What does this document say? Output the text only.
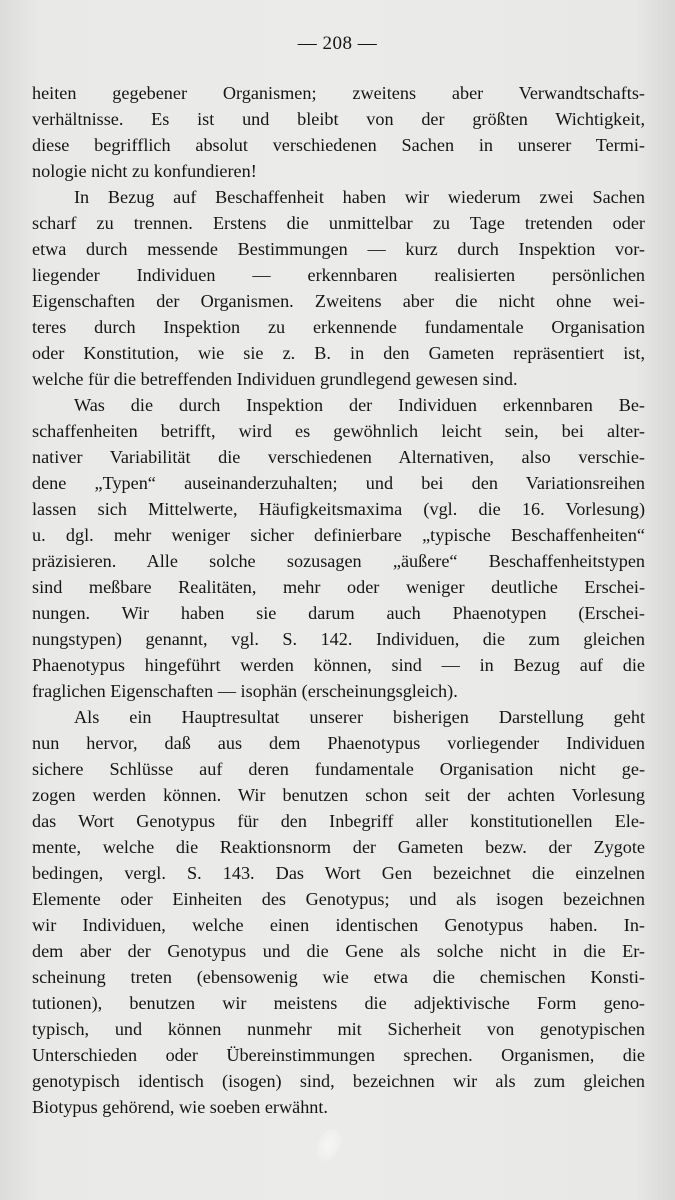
— 208 —
heiten gegebener Organismen; zweitens aber Verwandtschafts-
verhältnisse. Es ist und bleibt von der größten Wichtigkeit,
diese begrifflich absolut verschiedenen Sachen in unserer Termi-
nologie nicht zu konfundieren!
In Bezug auf Beschaffenheit haben wir wiederum zwei Sachen
scharf zu trennen. Erstens die unmittelbar zu Tage tretenden oder
etwa durch messende Bestimmungen — kurz durch Inspektion vor-
liegender Individuen — erkennbaren realisierten persönlichen
Eigenschaften der Organismen. Zweitens aber die nicht ohne wei-
teres durch Inspektion zu erkennende fundamentale Organisation
oder Konstitution, wie sie z. B. in den Gameten repräsentiert ist,
welche für die betreffenden Individuen grundlegend gewesen sind.
Was die durch Inspektion der Individuen erkennbaren Be-
schaffenheiten betrifft, wird es gewöhnlich leicht sein, bei alter-
nativer Variabilität die verschiedenen Alternativen, also verschie-
dene „Typen“ auseinanderzuhalten; und bei den Variationsreihen
lassen sich Mittelwerte, Häufigkeitsmaxima (vgl. die 16. Vorlesung)
u. dgl. mehr weniger sicher definierbare „typische Beschaffenheiten“
präzisieren. Alle solche sozusagen „äußere“ Beschaffenheitstypen
sind meßbare Realitäten, mehr oder weniger deutliche Erschei-
nungen. Wir haben sie darum auch Phaenotypen (Erschei-
nungstypen) genannt, vgl. S. 142. Individuen, die zum gleichen
Phaenotypus hingeführt werden können, sind — in Bezug auf die
fraglichen Eigenschaften — isophän (erscheinungsgleich).
Als ein Hauptresultat unserer bisherigen Darstellung geht
nun hervor, daß aus dem Phaenotypus vorliegender Individuen
sichere Schlüsse auf deren fundamentale Organisation nicht ge-
zogen werden können. Wir benutzen schon seit der achten Vorlesung
das Wort Genotypus für den Inbegriff aller konstitutionellen Ele-
mente, welche die Reaktionsnorm der Gameten bezw. der Zygote
bedingen, vergl. S. 143. Das Wort Gen bezeichnet die einzelnen
Elemente oder Einheiten des Genotypus; und als isogen bezeichnen
wir Individuen, welche einen identischen Genotypus haben. In-
dem aber der Genotypus und die Gene als solche nicht in die Er-
scheinung treten (ebensowenig wie etwa die chemischen Konsti-
tutionen), benutzen wir meistens die adjektivische Form geno-
typisch, und können nunmehr mit Sicherheit von genotypischen
Unterschieden oder Übereinstimmungen sprechen. Organismen, die
genotypisch identisch (isogen) sind, bezeichnen wir als zum gleichen
Biotypus gehörend, wie soeben erwähnt.
